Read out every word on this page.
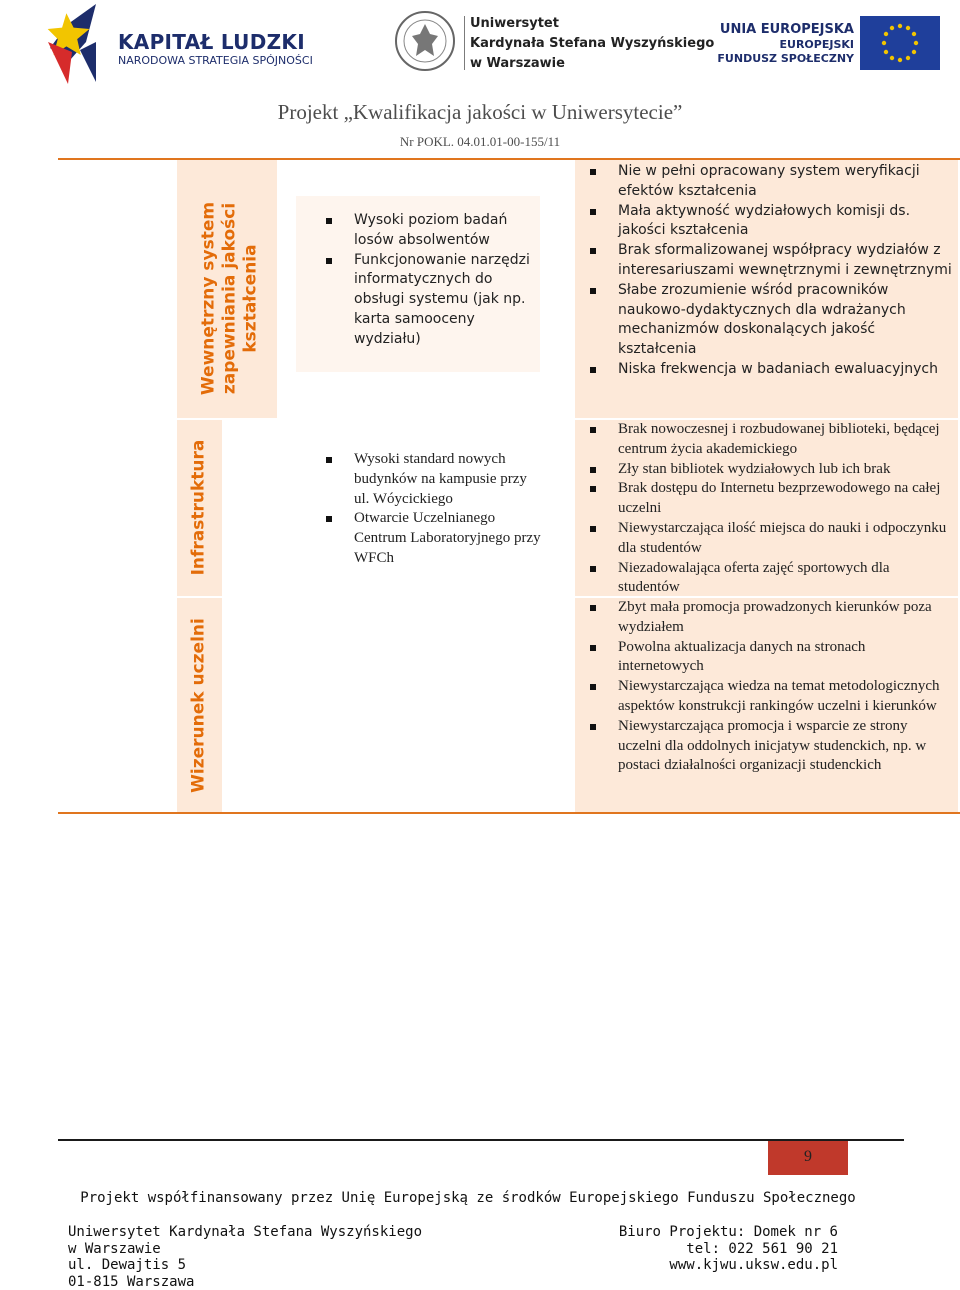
KAPITAŁ LUDZKI
NARODOWA STRATEGIA SPÓJNOŚCI
Uniwersytet
Kardynała Stefana Wyszyńskiego
w Warszawie
UNIA EUROPEJSKA
EUROPEJSKI
FUNDUSZ SPOŁECZNY
Projekt „Kwalifikacja jakości w Uniwersytecie”
Nr POKL. 04.01.01-00-155/11
Wewnętrzny system zapewniania jakości kształcenia
Wysoki poziom badań losów absolwentów
Funkcjonowanie narzędzi informatycznych do obsługi systemu (jak np. karta samooceny wydziału)
Nie w pełni opracowany system weryfikacji efektów kształcenia
Mała aktywność wydziałowych komisji ds. jakości kształcenia
Brak sformalizowanej współpracy wydziałów z interesariuszami wewnętrznymi i zewnętrznymi
Słabe zrozumienie wśród pracowników naukowo-dydaktycznych dla wdrażanych mechanizmów doskonalących jakość kształcenia
Niska frekwencja w badaniach ewaluacyjnych
Infrastruktura	Wysoki standard nowych budynków na kampusie przy ul. Wóycickiego
Otwarcie Uczelnianego Centrum Laboratoryjnego przy WFCh
Brak nowoczesnej i rozbudowanej biblioteki, będącej centrum życia akademickiego
Zły stan bibliotek wydziałowych lub ich brak
Brak dostępu do Internetu bezprzewodowego na całej uczelni
Niewystarczająca ilość miejsca do nauki i odpoczynku dla studentów
Niezadowalająca oferta zajęć sportowych dla studentów
Wizerunek uczelni
Zbyt mała promocja prowadzonych kierunków poza wydziałem
Powolna aktualizacja danych na stronach internetowych
Niewystarczająca wiedza na temat metodologicznych aspektów konstrukcji rankingów uczelni i kierunków
Niewystarczająca promocja i wsparcie ze strony uczelni dla oddolnych inicjatyw studenckich, np. w postaci działalności organizacji studenckich
9
Projekt współfinansowany przez Unię Europejską ze środków Europejskiego Funduszu Społecznego
Uniwersytet Kardynała Stefana Wyszyńskiego
w Warszawie
ul. Dewajtis 5
01-815 Warszawa
Biuro Projektu: Domek nr 6
tel: 022 561 90 21
www.kjwu.uksw.edu.pl
